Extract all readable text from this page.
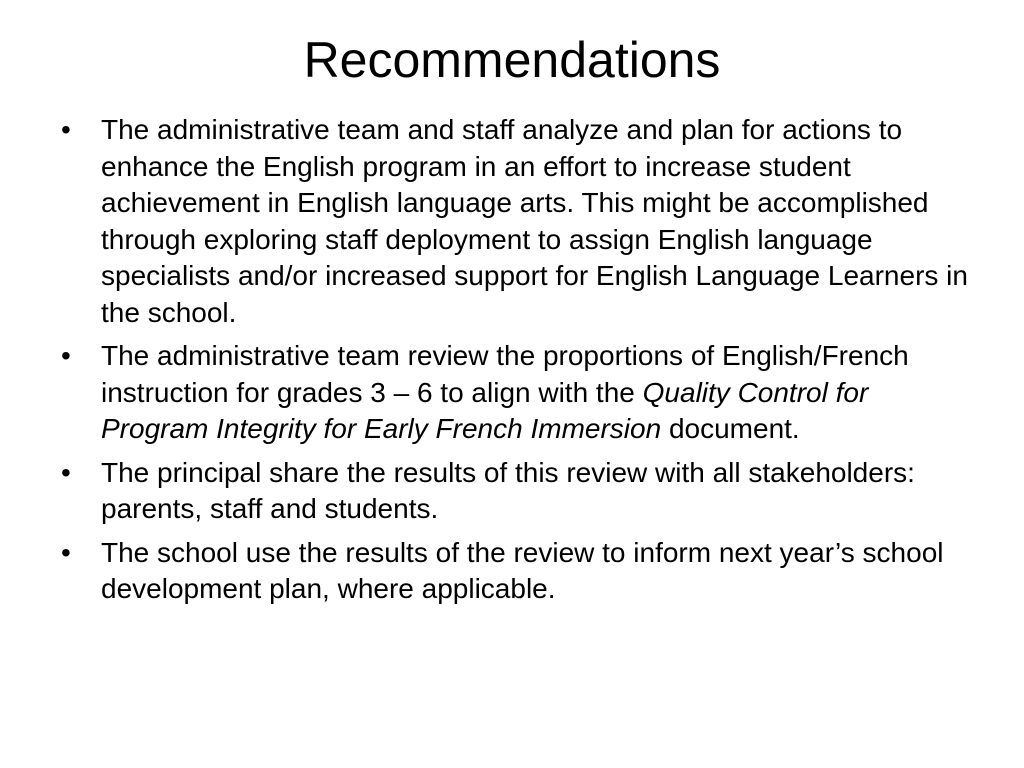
Recommendations
• The administrative team and staff analyze and plan for actions to enhance the English program in an effort to increase student achievement in English language arts. This might be accomplished through exploring staff deployment to assign English language specialists and/or increased support for English Language Learners in the school.
• The administrative team review the proportions of English/French instruction for grades 3 – 6 to align with the Quality Control for Program Integrity for Early French Immersion document.
• The principal share the results of this review with all stakeholders: parents, staff and students.
• The school use the results of the review to inform next year’s school development plan, where applicable.
